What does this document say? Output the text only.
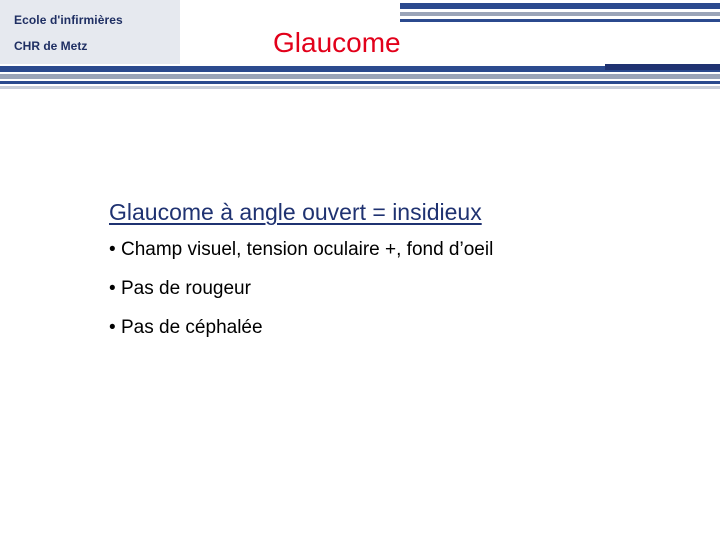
Ecole d'infirmières
CHR de Metz	Glaucome

Glaucome à angle ouvert = insidieux

• Champ visuel, tension oculaire +, fond d’oeil
• Pas de rougeur
• Pas de céphalée
